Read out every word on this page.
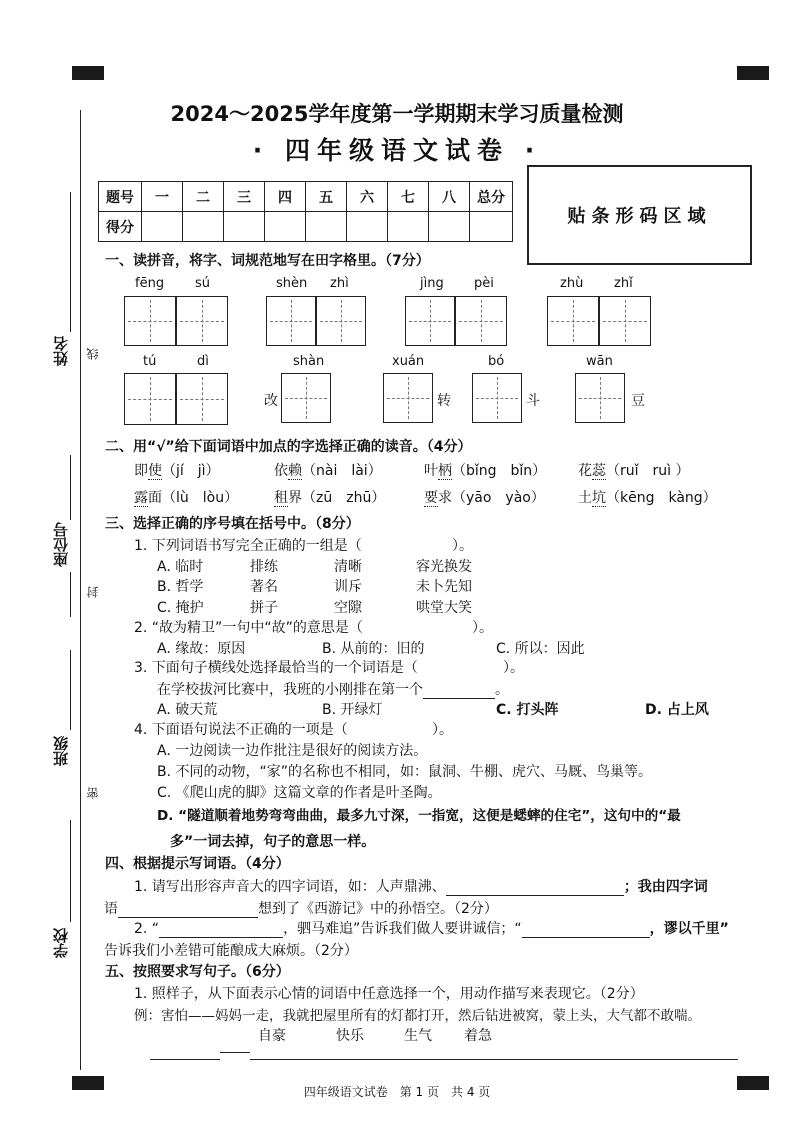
姓名 线
座位号
封
班级
密
学校
2024～2025学年度第一学期期末学习质量检测
· 四年级语文试卷 ·
题号	一	二	三	四	五	六	七	八	总分
得分									
贴条形码区域
一、读拼音，将字、词规范地写在田字格里。（7分）
fēng sú	shèn zhì	jìng pèi	zhù zhǐ
tú	dì	shàn	xuán	bó	wān
改	转	斗	豆
二、用“√”给下面词语中加点的字选择正确的读音。（4分）
即使（jí　jì）	依赖（nài　lài）	叶柄（bǐng　bǐn） 花蕊（ruǐ　ruì ）
露面（lù　lòu）	租界（zū　zhū）	要求（yāo　yào） 土坑（kēng　kàng）
三、选择正确的序号填在括号中。（8分）
1. 下列词语书写完全正确的一组是（	）。
A. 临时	排练	清晰	容光换发
B. 哲学	著名	训斥	未卜先知
C. 掩护	拼子	空隙	哄堂大笑
2. “故为精卫”一句中“故”的意思是（	）。
A. 缘故：原因	B. 从前的：旧的	C. 所以：因此
3. 下面句子横线处选择最恰当的一个词语是（	）。
在学校拔河比赛中，我班的小刚排在第一个	。
A. 破天荒	B. 开绿灯	C. 打头阵	D. 占上风
4. 下面语句说法不正确的一项是（	）。
A. 一边阅读一边作批注是很好的阅读方法。
B. 不同的动物，“家”的名称也不相同，如：鼠洞、牛棚、虎穴、马厩、鸟巢等。
C. 《爬山虎的脚》这篇文章的作者是叶圣陶。
D. “隧道顺着地势弯弯曲曲，最多九寸深，一指宽，这便是蟋蟀的住宅”，这句中的“最
多”一词去掉，句子的意思一样。
四、根据提示写词语。（4分）
1. 请写出形容声音大的四字词语，如：人声鼎沸、	；我由四字词
语	想到了《西游记》中的孙悟空。（2分）
2. “	，驷马难追”告诉我们做人要讲诚信；“	，谬以千里”
告诉我们小差错可能酿成大麻烦。（2分）
五、按照要求写句子。（6分）
1. 照样子，从下面表示心情的词语中任意选择一个，用动作描写来表现它。（2分）
例：害怕——妈妈一走，我就把屋里所有的灯都打开，然后钻进被窝，蒙上头，大气都不敢喘。
自豪	快乐	生气 着急
四年级语文试卷　第 1 页　共 4 页
